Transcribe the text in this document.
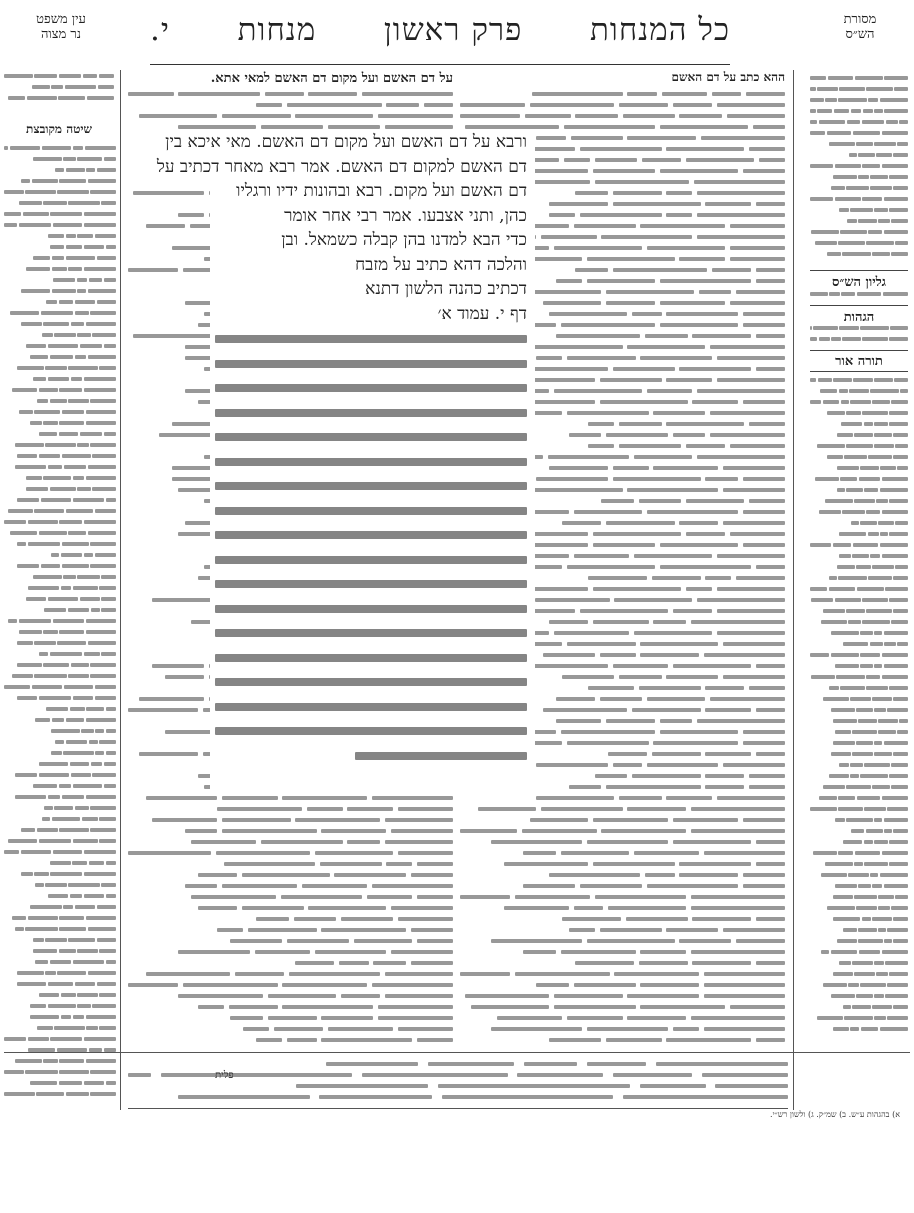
כל המנחות
פרק ראשון
מנחות
י.	מסורת
הש״ס
עין משפט
נר מצוה
שיטה מקובצת
גליון הש״ס
הגהות
תורה אור
על דם האשם ועל מקום דם האשם למאי אתא.	ההא כתב על דם האשם
ורבא על דם האשם ועל מקום דם האשם. מאי איכא בין
דם האשם למקום דם האשם. אמר רבא מאחר דכתיב על
דם האשם ועל מקום. רבא ובהונות ידיו ורגליו
כהן, ותני אצבעו. אמר רבי אחר אומר
כדי הבא למדנו בהן קבלה כשמאל. ובן
והלכה דהא כתיב על מזבח
דכתיב כהנה הלשון דתנא
דף י. עמוד א׳
א) בהגהות ע״ש. ב) שמ״ק. ג) ולשון רש״י.
פלית
